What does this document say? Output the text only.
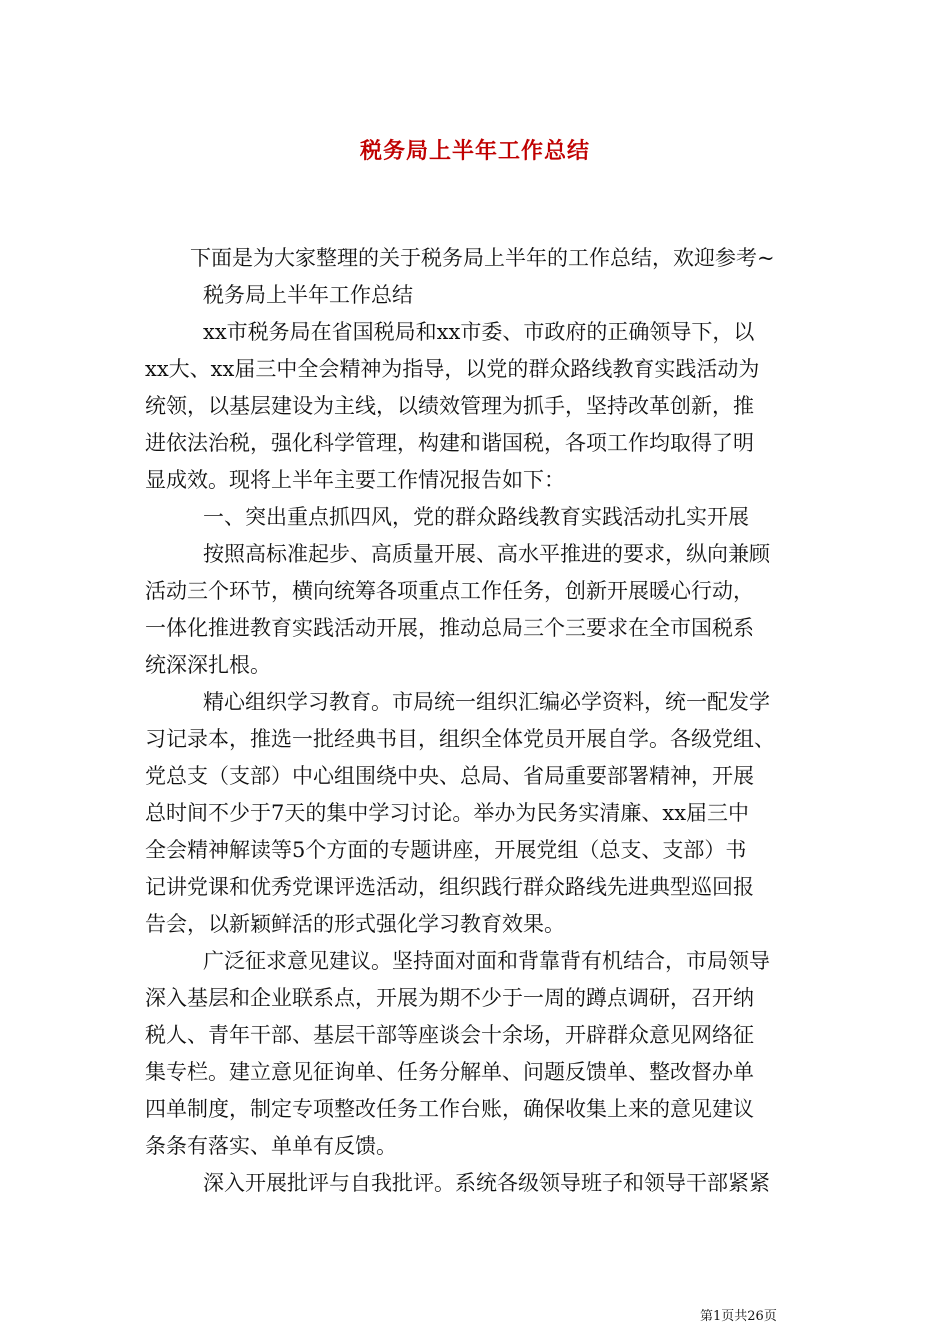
税务局上半年工作总结

下面是为大家整理的关于税务局上半年的工作总结，欢迎参考~

税务局上半年工作总结

xx市税务局在省国税局和xx市委、市政府的正确领导下，以

xx大、xx届三中全会精神为指导，以党的群众路线教育实践活动为

统领，以基层建设为主线，以绩效管理为抓手，坚持改革创新，推

进依法治税，强化科学管理，构建和谐国税，各项工作均取得了明

显成效。现将上半年主要工作情况报告如下：

一、突出重点抓四风，党的群众路线教育实践活动扎实开展

按照高标准起步、高质量开展、高水平推进的要求，纵向兼顾

活动三个环节，横向统筹各项重点工作任务，创新开展暖心行动，

一体化推进教育实践活动开展，推动总局三个三要求在全市国税系

统深深扎根。

精心组织学习教育。市局统一组织汇编必学资料，统一配发学

习记录本，推选一批经典书目，组织全体党员开展自学。各级党组、

党总支（支部）中心组围绕中央、总局、省局重要部署精神，开展

总时间不少于7天的集中学习讨论。举办为民务实清廉、xx届三中

全会精神解读等5个方面的专题讲座，开展党组（总支、支部）书

记讲党课和优秀党课评选活动，组织践行群众路线先进典型巡回报

告会，以新颖鲜活的形式强化学习教育效果。

广泛征求意见建议。坚持面对面和背靠背有机结合，市局领导

深入基层和企业联系点，开展为期不少于一周的蹲点调研，召开纳

税人、青年干部、基层干部等座谈会十余场，开辟群众意见网络征

集专栏。建立意见征询单、任务分解单、问题反馈单、整改督办单

四单制度，制定专项整改任务工作台账，确保收集上来的意见建议

条条有落实、单单有反馈。

深入开展批评与自我批评。系统各级领导班子和领导干部紧紧

第1页共26页
